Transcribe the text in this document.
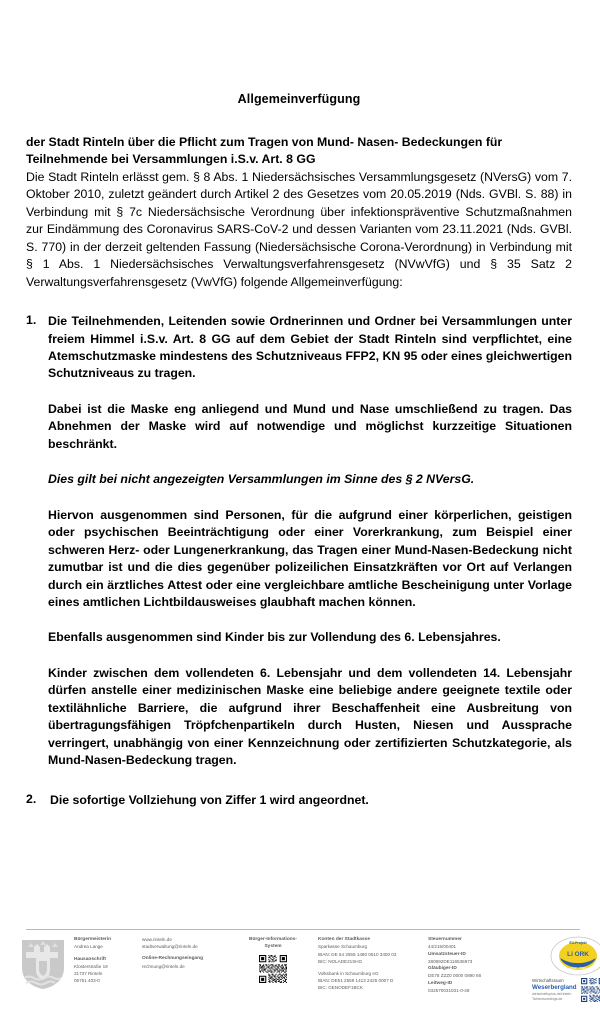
Allgemeinverfügung
der Stadt Rinteln über die Pflicht zum Tragen von Mund- Nasen- Bedeckungen für Teilnehmende bei Versammlungen i.S.v. Art. 8 GG

Die Stadt Rinteln erlässt gem. § 8 Abs. 1 Niedersächsisches Versammlungsgesetz (NVersG) vom 7. Oktober 2010, zuletzt geändert durch Artikel 2 des Gesetzes vom 20.05.2019 (Nds. GVBl. S. 88) in Verbindung mit § 7c Niedersächsische Verordnung über infektionspräventive Schutzmaßnahmen zur Eindämmung des Coronavirus SARS-CoV-2 und dessen Varianten vom 23.11.2021 (Nds. GVBl. S. 770) in der derzeit geltenden Fassung (Niedersächsische Corona-Verordnung) in Verbindung mit § 1 Abs. 1 Niedersächsisches Verwaltungsverfahrensgesetz (NVwVfG) und § 35 Satz 2 Verwaltungsverfahrensgesetz (VwVfG) folgende Allgemeinverfügung:

1. Die Teilnehmenden, Leitenden sowie Ordnerinnen und Ordner bei Versammlungen unter freiem Himmel i.S.v. Art. 8 GG auf dem Gebiet der Stadt Rinteln sind verpflichtet, eine Atemschutzmaske mindestens des Schutzniveaus FFP2, KN 95 oder eines gleichwertigen Schutzniveaus zu tragen.

Dabei ist die Maske eng anliegend und Mund und Nase umschließend zu tragen. Das Abnehmen der Maske wird auf notwendige und möglichst kurzzeitige Situationen beschränkt.

Dies gilt bei nicht angezeigten Versammlungen im Sinne des § 2 NVersG.

Hiervon ausgenommen sind Personen, für die aufgrund einer körperlichen, geistigen oder psychischen Beeinträchtigung oder einer Vorerkrankung, zum Beispiel einer schweren Herz- oder Lungenerkrankung, das Tragen einer Mund-Nasen-Bedeckung nicht zumutbar ist und die dies gegenüber polizeilichen Einsatzkräften vor Ort auf Verlangen durch ein ärztliches Attest oder eine vergleichbare amtliche Bescheinigung unter Vorlage eines amtlichen Lichtbildausweises glaubhaft machen können.

Ebenfalls ausgenommen sind Kinder bis zur Vollendung des 6. Lebensjahres.

Kinder zwischen dem vollendeten 6. Lebensjahr und dem vollendeten 14. Lebensjahr dürfen anstelle einer medizinischen Maske eine beliebige andere geeignete textile oder textilähnliche Barriere, die aufgrund ihrer Beschaffenheit eine Ausbreitung von übertragungsfähigen Tröpfchenpartikeln durch Husten, Niesen und Aussprache verringert, unabhängig von einer Kennzeichnung oder zertifizierten Schutzkategorie, als Mund-Nasen-Bedeckung tragen.

2.	Die sofortige Vollziehung von Ziffer 1 wird angeordnet.

Bürgermeisterin
Andrea Lange
Hausanschrift
Klosterstraße 19
31737 Rinteln
05751 403-0
www.rinteln.de
stadtverwaltung@rinteln.de
Online-Rechnungseingang
rechnung@rinteln.de
Bürger-Informations-
System
Konten der Stadtkasse
Sparkasse Schaumburg
IBAN: DE 64 2555 1480 0510 3400 03
BIC: NOLADE21SHG
Volksbank in Schaumburg eG
IBAN: DE51 2559 1413 2425 0007 D
BIC: GENODEF1BCK
Steuernummer
44/215/00401
Umsatzsteuer-ID
280992DE116536973
Gläubiger-ID
DE78 ZZZ0 0000 0890 66
Leitweg-ID
032570031031-0-49
EU-Projekt
Li ORK
LIFE+
2012 - 2020
Wirtschaftsraum
Weserbergland
wirtschaftsplus.de/rinteln
Tahrensorstings.de
